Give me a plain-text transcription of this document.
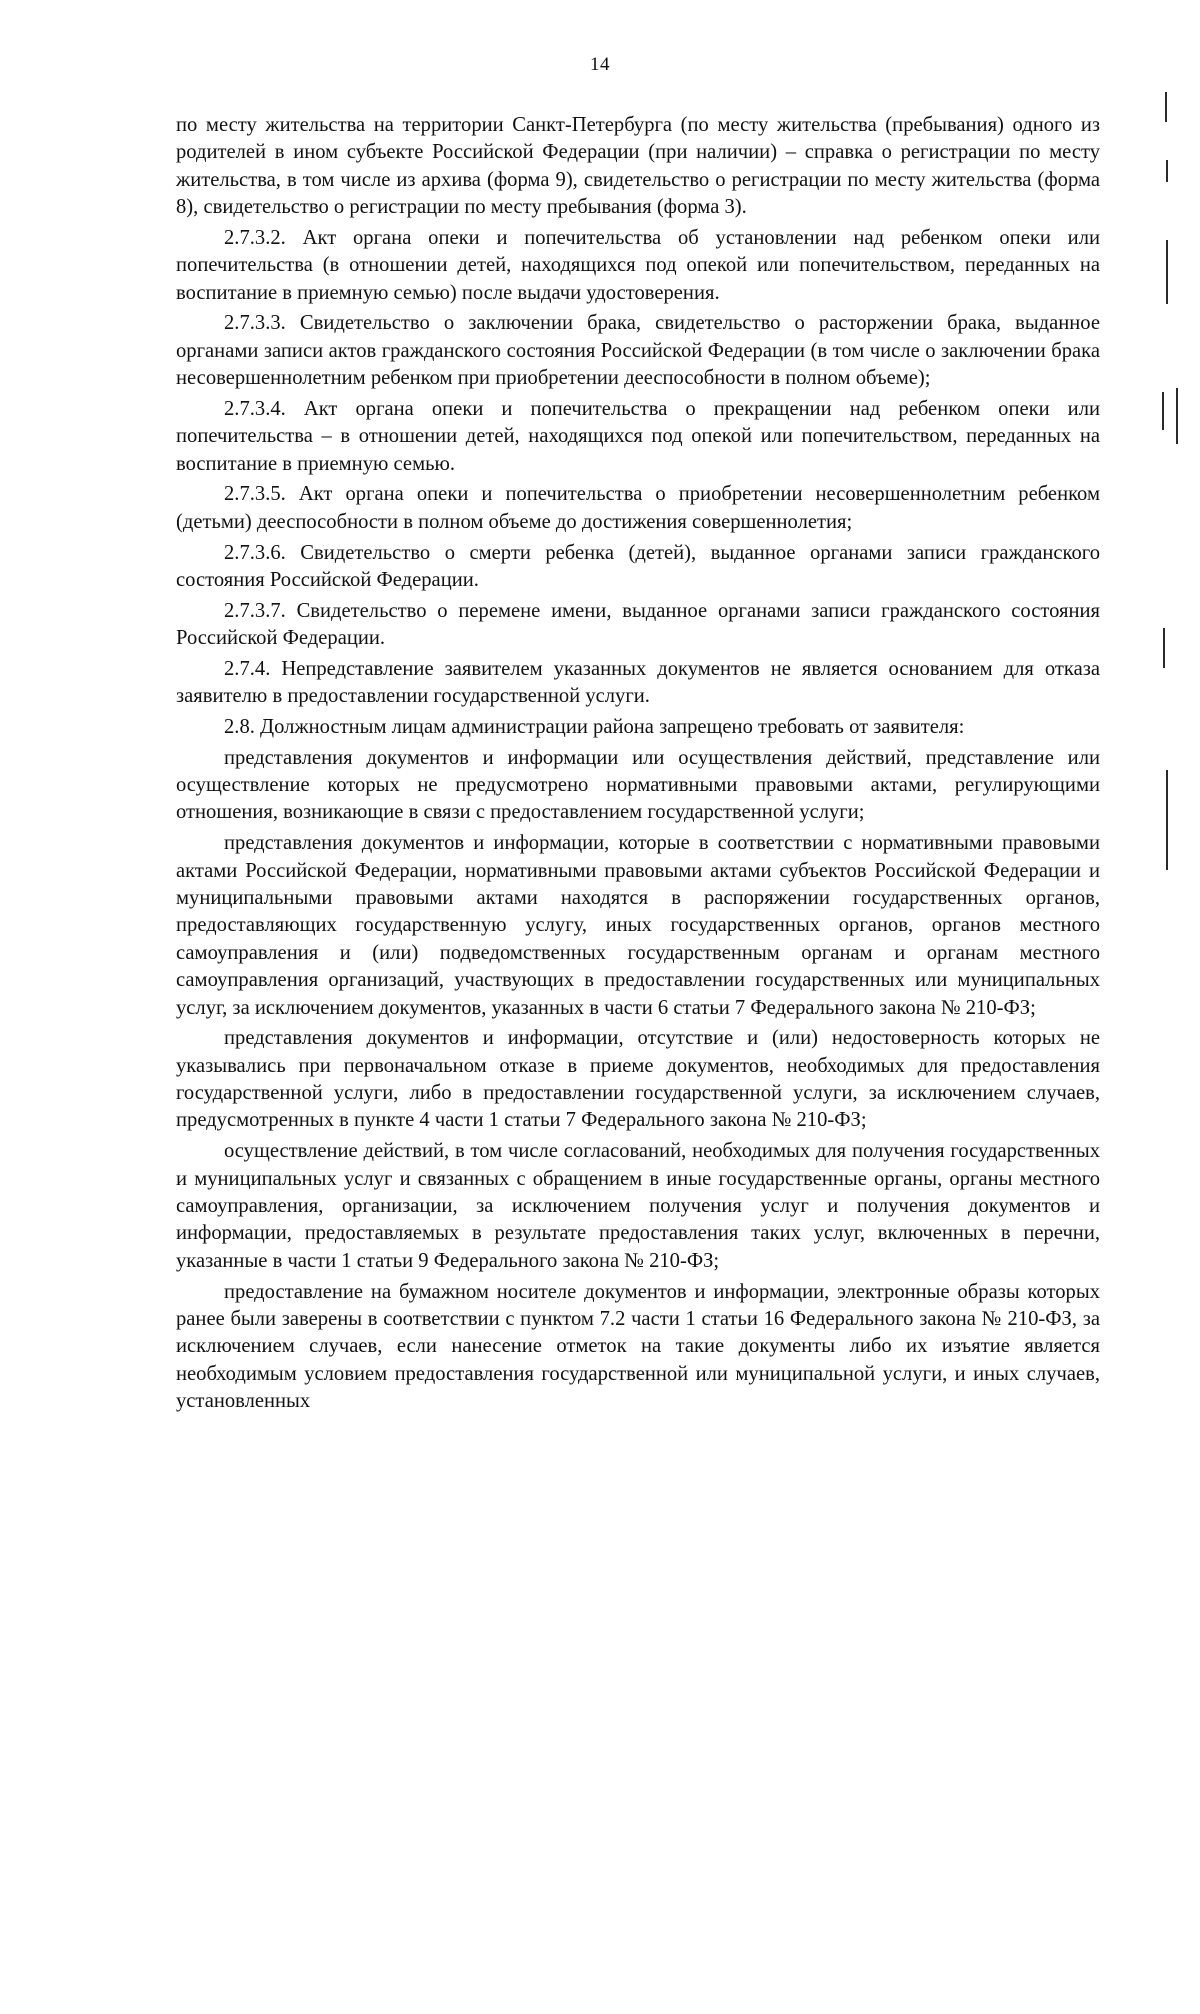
14

по месту жительства на территории Санкт-Петербурга (по месту жительства (пребывания) одного из родителей в ином субъекте Российской Федерации (при наличии) – справка о регистрации по месту жительства, в том числе из архива (форма 9), свидетельство о регистрации по месту жительства (форма 8), свидетельство о регистрации по месту пребывания (форма 3).

2.7.3.2. Акт органа опеки и попечительства об установлении над ребенком опеки или попечительства (в отношении детей, находящихся под опекой или попечительством, переданных на воспитание в приемную семью) после выдачи удостоверения.

2.7.3.3. Свидетельство о заключении брака, свидетельство о расторжении брака, выданное органами записи актов гражданского состояния Российской Федерации (в том числе о заключении брака несовершеннолетним ребенком при приобретении дееспособности в полном объеме);

2.7.3.4. Акт органа опеки и попечительства о прекращении над ребенком опеки или попечительства – в отношении детей, находящихся под опекой или попечительством, переданных на воспитание в приемную семью.

2.7.3.5. Акт органа опеки и попечительства о приобретении несовершеннолетним ребенком (детьми) дееспособности в полном объеме до достижения совершеннолетия;

2.7.3.6. Свидетельство о смерти ребенка (детей), выданное органами записи гражданского состояния Российской Федерации.

2.7.3.7. Свидетельство о перемене имени, выданное органами записи гражданского состояния Российской Федерации.

2.7.4. Непредставление заявителем указанных документов не является основанием для отказа заявителю в предоставлении государственной услуги.

2.8. Должностным лицам администрации района запрещено требовать от заявителя:

представления документов и информации или осуществления действий, представление или осуществление которых не предусмотрено нормативными правовыми актами, регулирующими отношения, возникающие в связи с предоставлением государственной услуги;

представления документов и информации, которые в соответствии с нормативными правовыми актами Российской Федерации, нормативными правовыми актами субъектов Российской Федерации и муниципальными правовыми актами находятся в распоряжении государственных органов, предоставляющих государственную услугу, иных государственных органов, органов местного самоуправления и (или) подведомственных государственным органам и органам местного самоуправления организаций, участвующих в предоставлении государственных или муниципальных услуг, за исключением документов, указанных в части 6 статьи 7 Федерального закона № 210-ФЗ;

представления документов и информации, отсутствие и (или) недостоверность которых не указывались при первоначальном отказе в приеме документов, необходимых для предоставления государственной услуги, либо в предоставлении государственной услуги, за исключением случаев, предусмотренных в пункте 4 части 1 статьи 7 Федерального закона № 210-ФЗ;

осуществление действий, в том числе согласований, необходимых для получения государственных и муниципальных услуг и связанных с обращением в иные государственные органы, органы местного самоуправления, организации, за исключением получения услуг и получения документов и информации, предоставляемых в результате предоставления таких услуг, включенных в перечни, указанные в части 1 статьи 9 Федерального закона № 210-ФЗ;

предоставление на бумажном носителе документов и информации, электронные образы которых ранее были заверены в соответствии с пунктом 7.2 части 1 статьи 16 Федерального закона № 210-ФЗ, за исключением случаев, если нанесение отметок на такие документы либо их изъятие является необходимым условием предоставления государственной или муниципальной услуги, и иных случаев, установленных
